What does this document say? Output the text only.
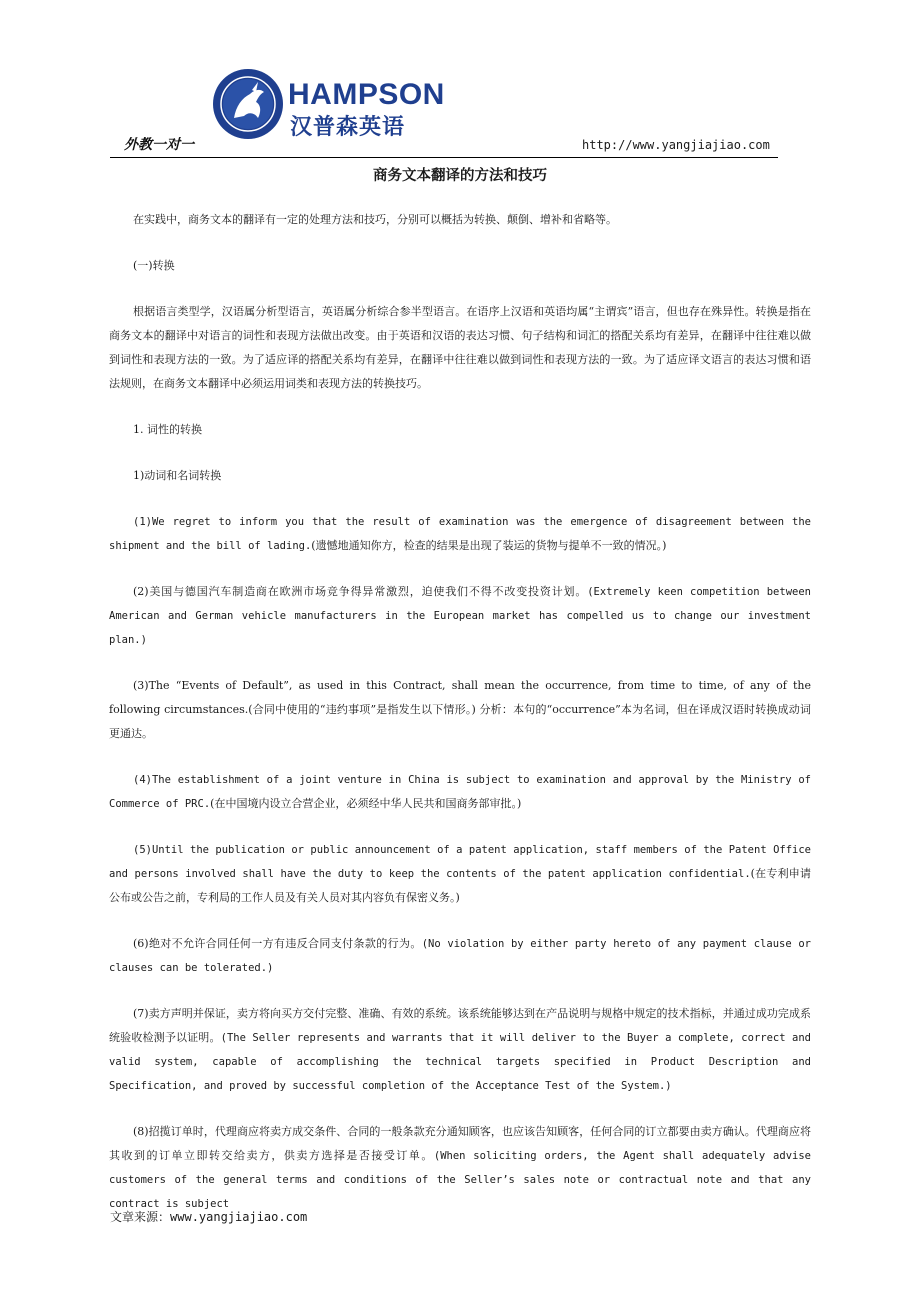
HAMPSON
汉普森英语
外教一对一	http://www.yangjiajiao.com
商务文本翻译的方法和技巧

在实践中，商务文本的翻译有一定的处理方法和技巧，分别可以概括为转换、颠倒、增补和省略等。

(一)转换

根据语言类型学，汉语属分析型语言，英语属分析综合参半型语言。在语序上汉语和英语均属“主谓宾”语言，但也存在殊异性。转换是指在商务文本的翻译中对语言的词性和表现方法做出改变。由于英语和汉语的表达习惯、句子结构和词汇的搭配关系均有差异，在翻译中往往难以做到词性和表现方法的一致。为了适应译的搭配关系均有差异，在翻译中往往难以做到词性和表现方法的一致。为了适应译文语言的表达习惯和语法规则，在商务文本翻译中必须运用词类和表现方法的转换技巧。

1. 词性的转换

1)动词和名词转换

(1)We regret to inform you that the result of examination was the emergence of disagreement between the shipment and the bill of lading.(遗憾地通知你方，检查的结果是出现了装运的货物与提单不一致的情况。)

(2)美国与德国汽车制造商在欧洲市场竞争得异常激烈，迫使我们不得不改变投资计划。(Extremely keen competition between American and German vehicle manufacturers in the European market has compelled us to change our investment plan.)

(3)The “Events of Default”, as used in this Contract, shall mean the occurrence, from time to time, of any of the following circumstances.(合同中使用的“违约事项”是指发生以下情形。) 分析：本句的“occurrence”本为名词，但在译成汉语时转换成动词更通达。

(4)The establishment of a joint venture in China is subject to examination and approval by the Ministry of Commerce of PRC.(在中国境内设立合营企业，必须经中华人民共和国商务部审批。)

(5)Until the publication or public announcement of a patent application, staff members of the Patent Office and persons involved shall have the duty to keep the contents of the patent application confidential.(在专利申请公布或公告之前，专利局的工作人员及有关人员对其内容负有保密义务。)

(6)绝对不允许合同任何一方有违反合同支付条款的行为。(No violation by either party hereto of any payment clause or clauses can be tolerated.)

(7)卖方声明并保证，卖方将向买方交付完整、准确、有效的系统。该系统能够达到在产品说明与规格中规定的技术指标，并通过成功完成系统验收检测予以证明。(The Seller represents and warrants that it will deliver to the Buyer a complete, correct and valid system, capable of accomplishing the technical targets specified in Product Description and Specification, and proved by successful completion of the Acceptance Test of the System.)

(8)招揽订单时，代理商应将卖方成交条件、合同的一般条款充分通知顾客，也应该告知顾客，任何合同的订立都要由卖方确认。代理商应将其收到的订单立即转交给卖方，供卖方选择是否接受订单。(When soliciting orders, the Agent shall adequately advise customers of the general terms and conditions of the Seller’s sales note or contractual note and that any contract is subject

文章来源：www.yangjiajiao.com
